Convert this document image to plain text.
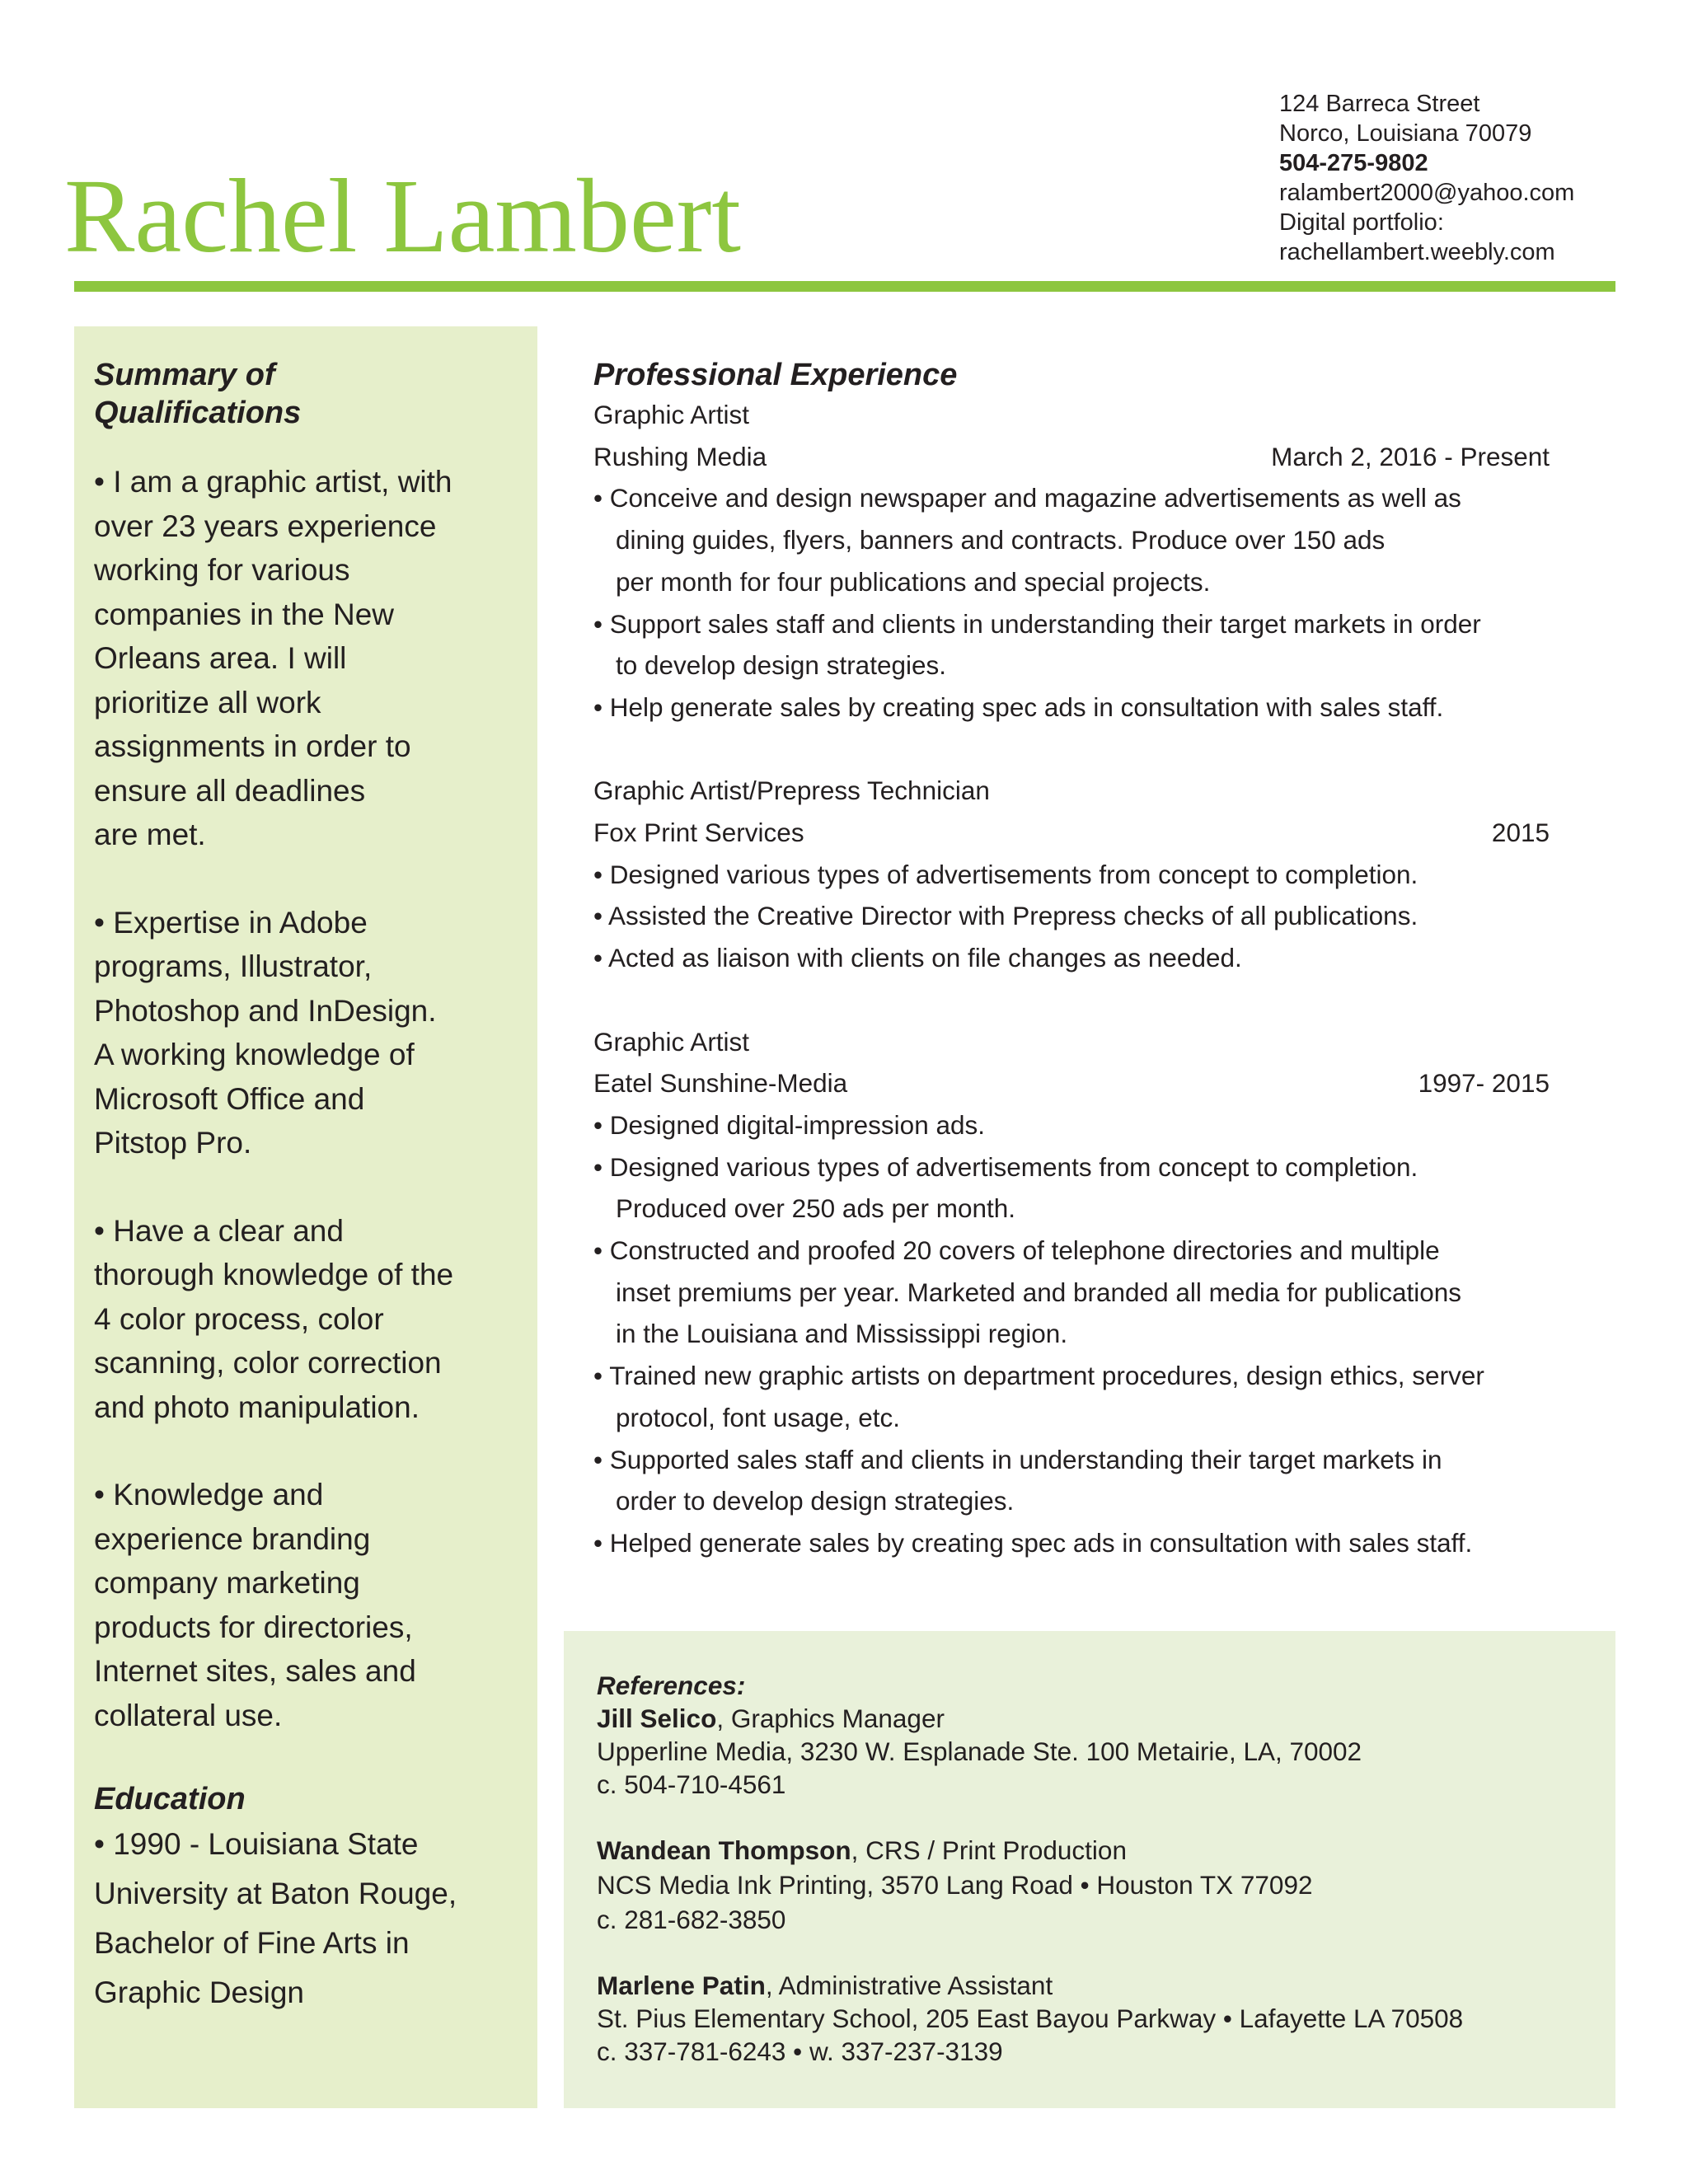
Rachel Lambert
124 Barreca Street
Norco, Louisiana 70079
504-275-9802
ralambert2000@yahoo.com
Digital portfolio:
rachellambert.weebly.com

Summary of
Qualifications

• I am a graphic artist, with
over 23 years experience
working for various
companies in the New
Orleans area. I will
prioritize all work
assignments in order to
ensure all deadlines
are met.

• Expertise in Adobe
programs, Illustrator,
Photoshop and InDesign.
A working knowledge of
Microsoft Office and
Pitstop Pro.

• Have a clear and
thorough knowledge of the
4 color process, color
scanning, color correction
and photo manipulation.

• Knowledge and
experience branding
company marketing
products for directories,
Internet sites, sales and
collateral use.

Education

• 1990 - Louisiana State
University at Baton Rouge,
Bachelor of Fine Arts in
Graphic Design

Professional Experience

Graphic Artist
Rushing Media	March 2, 2016 - Present
• Conceive and design newspaper and magazine advertisements as well as
dining guides, flyers, banners and contracts. Produce over 150 ads
per month for four publications and special projects.
• Support sales staff and clients in understanding their target markets in order
to develop design strategies.
• Help generate sales by creating spec ads in consultation with sales staff.
Graphic Artist/Prepress Technician
Fox Print Services	2015
• Designed various types of advertisements from concept to completion.
• Assisted the Creative Director with Prepress checks of all publications.
• Acted as liaison with clients on file changes as needed.
Graphic Artist
Eatel Sunshine-Media	1997- 2015
• Designed digital-impression ads.
• Designed various types of advertisements from concept to completion.
Produced over 250 ads per month.
• Constructed and proofed 20 covers of telephone directories and multiple
inset premiums per year. Marketed and branded all media for publications
in the Louisiana and Mississippi region.
• Trained new graphic artists on department procedures, design ethics, server
protocol, font usage, etc.
• Supported sales staff and clients in understanding their target markets in
order to develop design strategies.
• Helped generate sales by creating spec ads in consultation with sales staff.
References:
Jill Selico, Graphics Manager
Upperline Media, 3230 W. Esplanade Ste. 100 Metairie, LA, 70002
c. 504-710-4561
Wandean Thompson, CRS / Print Production
NCS Media Ink Printing, 3570 Lang Road • Houston TX 77092
c. 281-682-3850
Marlene Patin, Administrative Assistant
St. Pius Elementary School, 205 East Bayou Parkway • Lafayette LA 70508
c. 337-781-6243 • w. 337-237-3139
